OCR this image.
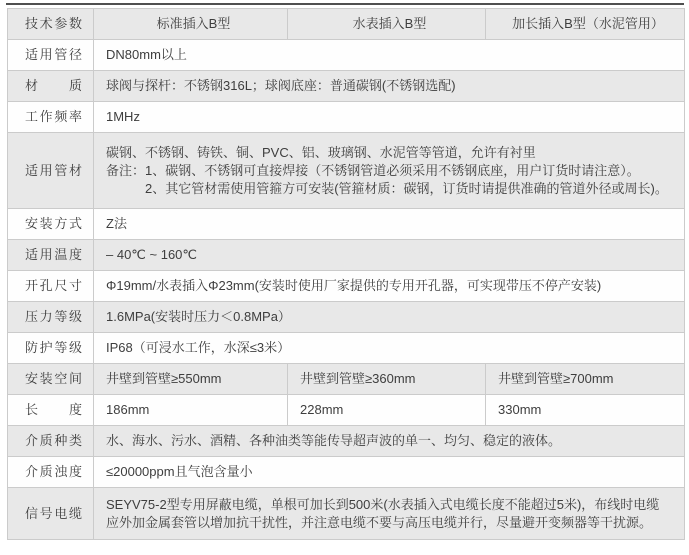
技术参数	标准插入B型	水表插入B型	加长插入B型（水泥管用）
适用管径	DN80mm以上		
材　质	球阀与探杆：不锈钢316L；球阀底座：普通碳钢(不锈钢选配)		
工作频率	1MHz		
适用管材	碳钢、不锈钢、铸铁、铜、PVC、铝、玻璃钢、水泥管等管道，允许有衬里
备注：1、碳钢、不锈钢可直接焊接（不锈钢管道必须采用不锈钢底座，用户订货时请注意）。
2、其它管材需使用管箍方可安装(管箍材质：碳钢，订货时请提供准确的管道外径或周长)。		

安装方式	Z法		
适用温度	– 40℃ ~ 160℃		
开孔尺寸	Φ19mm/水表插入Φ23mm(安装时使用厂家提供的专用开孔器，可实现带压不停产安装)		
压力等级	1.6MPa(安装时压力＜0.8MPa）		
防护等级	IP68（可浸水工作，水深≤3米）		
安装空间	井壁到管壁≥550mm	井壁到管壁≥360mm	井壁到管壁≥700mm
长　度	186mm	228mm	330mm
介质种类	水、海水、污水、酒精、各种油类等能传导超声波的单一、均匀、稳定的液体。		
介质浊度	≤20000ppm且气泡含量小		
信号电缆	SEYV75-2型专用屏蔽电缆，单根可加长到500米(水表插入式电缆长度不能超过5米)，布线时电缆
应外加金属套管以增加抗干扰性，并注意电缆不要与高压电缆并行，尽量避开变频器等干扰源。		
